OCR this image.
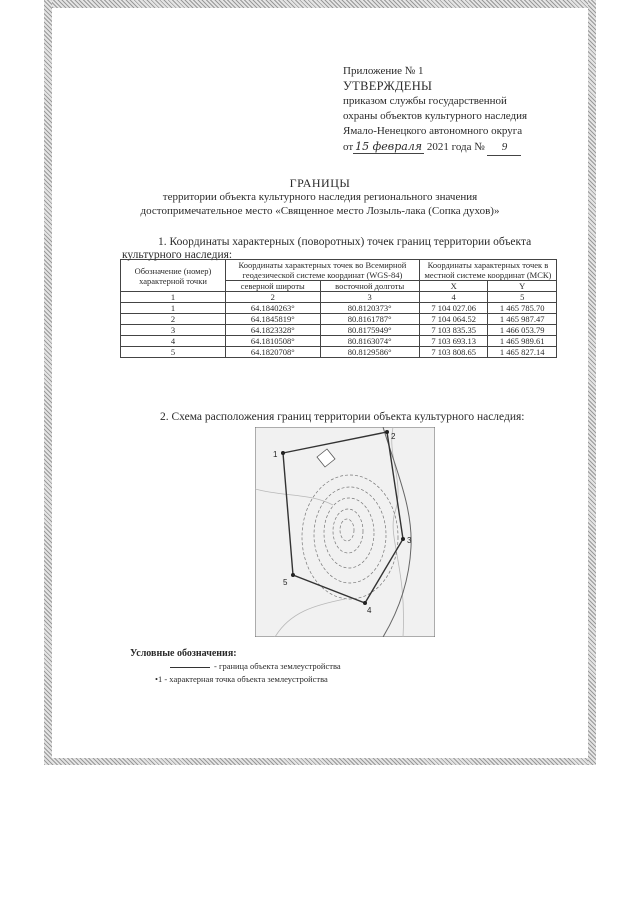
Приложение № 1
УТВЕРЖДЕНЫ
приказом службы государственной
охраны объектов культурного наследия
Ямало-Ненецкого автономного округа
от 15 февраля 2021 года № 9
ГРАНИЦЫ
территории объекта культурного наследия регионального значения
достопримечательное место «Священное место Лозыль-лака (Сопка духов)»
1. Координаты характерных (поворотных) точек границ территории объекта
культурного наследия:
Обозначение (номер) характерной точки	Координаты характерных точек во Всемирной геодезической системе координат (WGS-84)		Координаты характерных точек в местной системе координат (МСК)	
	северной широты	восточной долготы	X	Y
1	2	3	4	5
1	64.1840263°	80.8120373°	7 104 027.06	1 465 785.70
2	64.1845819°	80.8161787°	7 104 064.52	1 465 987.47
3	64.1823328°	80.8175949°	7 103 835.35	1 466 053.79
4	64.1810508°	80.8163074°	7 103 693.13	1 465 989.61
5	64.1820708°	80.8129586°	7 103 808.65	1 465 827.14
2. Схема расположения границ территории объекта культурного наследия:
1
2
3
4
5
Условные обозначения:
- граница объекта землеустройства
•1 - характерная точка объекта землеустройства
